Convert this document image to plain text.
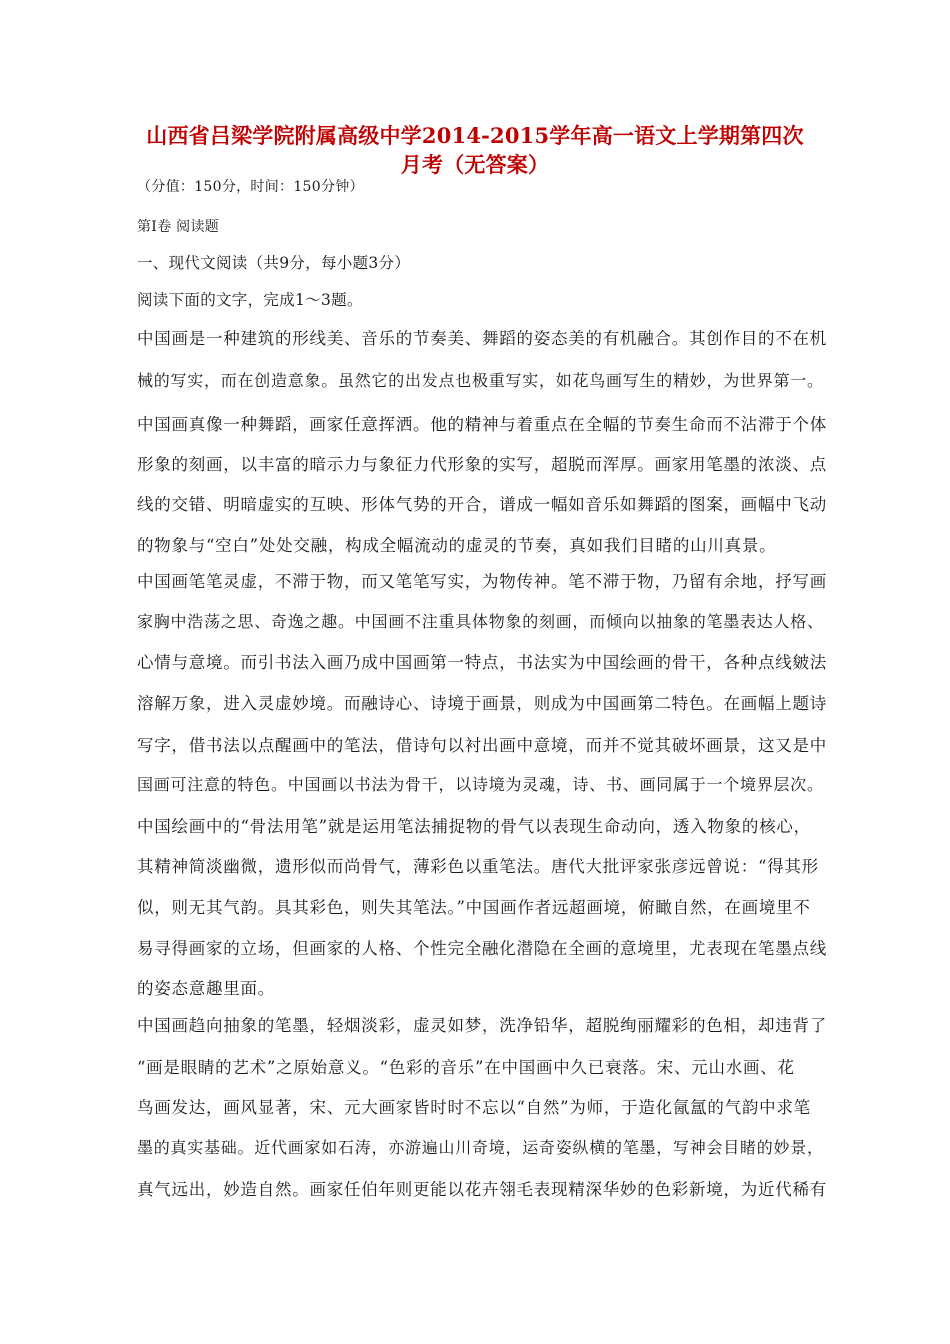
山西省吕梁学院附属高级中学2014-2015学年高一语文上学期第四次
月考（无答案）
（分值：150分，时间：150分钟）
第Ⅰ卷 阅读题
一、现代文阅读（共9分，每小题3分）
阅读下面的文字，完成1～3题。
中国画是一种建筑的形线美、音乐的节奏美、舞蹈的姿态美的有机融合。其创作目的不在机
械的写实，而在创造意象。虽然它的出发点也极重写实，如花鸟画写生的精妙，为世界第一。
中国画真像一种舞蹈，画家任意挥洒。他的精神与着重点在全幅的节奏生命而不沾滞于个体
形象的刻画，以丰富的暗示力与象征力代形象的实写，超脱而浑厚。画家用笔墨的浓淡、点
线的交错、明暗虚实的互映、形体气势的开合，谱成一幅如音乐如舞蹈的图案，画幅中飞动
的物象与“空白”处处交融，构成全幅流动的虚灵的节奏，真如我们目睹的山川真景。
中国画笔笔灵虚，不滞于物，而又笔笔写实，为物传神。笔不滞于物，乃留有余地，抒写画
家胸中浩荡之思、奇逸之趣。中国画不注重具体物象的刻画，而倾向以抽象的笔墨表达人格、
心情与意境。而引书法入画乃成中国画第一特点，书法实为中国绘画的骨干，各种点线皴法
溶解万象，进入灵虚妙境。而融诗心、诗境于画景，则成为中国画第二特色。在画幅上题诗
写字，借书法以点醒画中的笔法，借诗句以衬出画中意境，而并不觉其破坏画景，这又是中
国画可注意的特色。中国画以书法为骨干，以诗境为灵魂，诗、书、画同属于一个境界层次。
中国绘画中的“骨法用笔”就是运用笔法捕捉物的骨气以表现生命动向，透入物象的核心，
其精神简淡幽微，遗形似而尚骨气，薄彩色以重笔法。唐代大批评家张彦远曾说：“得其形
似，则无其气韵。具其彩色，则失其笔法。”中国画作者远超画境，俯瞰自然，在画境里不
易寻得画家的立场，但画家的人格、个性完全融化潜隐在全画的意境里，尤表现在笔墨点线
的姿态意趣里面。
中国画趋向抽象的笔墨，轻烟淡彩，虚灵如梦，洗净铅华，超脱绚丽耀彩的色相，却违背了
“画是眼睛的艺术”之原始意义。“色彩的音乐”在中国画中久已衰落。宋、元山水画、花
鸟画发达，画风显著，宋、元大画家皆时时不忘以“自然”为师，于造化氤氲的气韵中求笔
墨的真实基础。近代画家如石涛，亦游遍山川奇境，运奇姿纵横的笔墨，写神会目睹的妙景，
真气远出，妙造自然。画家任伯年则更能以花卉翎毛表现精深华妙的色彩新境，为近代稀有
